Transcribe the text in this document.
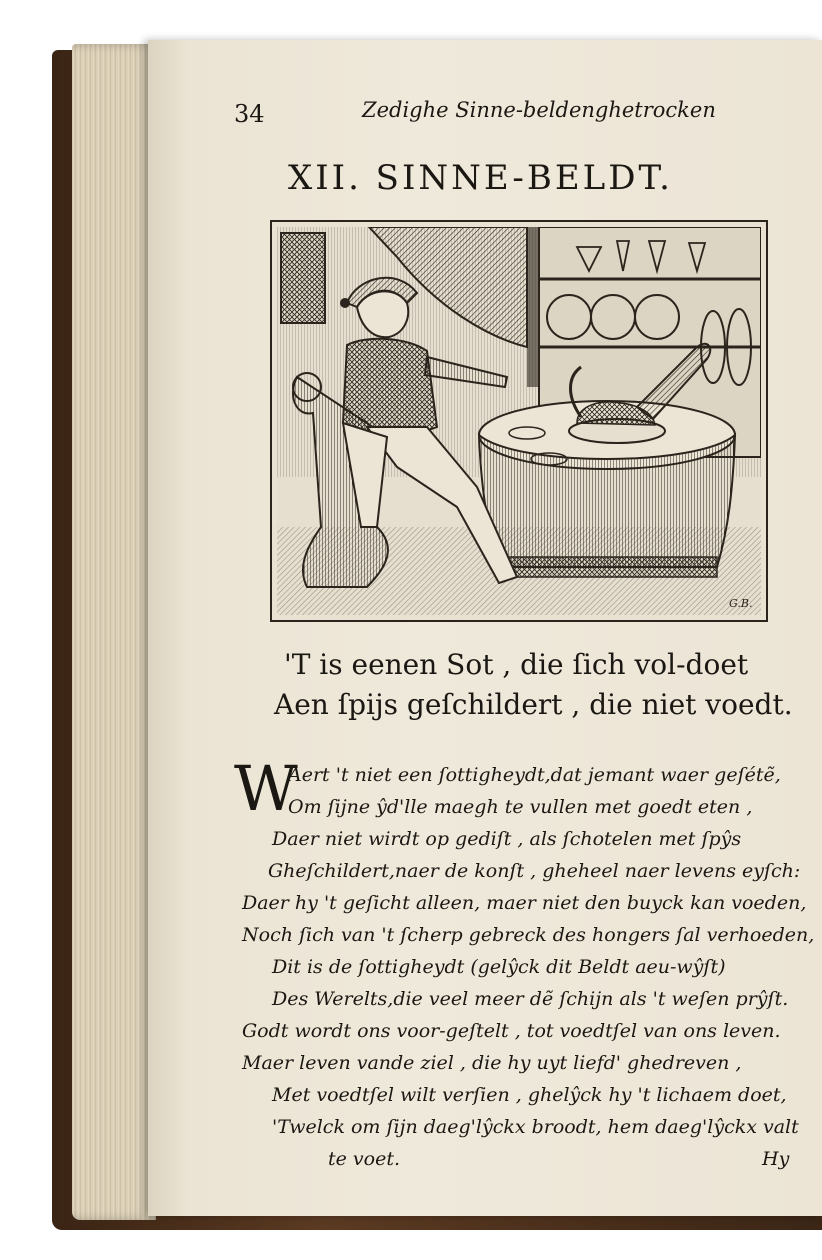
34	Zedighe Sinne-beldenghetrocken
XII. SINNE-BELDT.
G.B.
'T is eenen Sot , die ſich vol-doet
Aen ſpijs geſchildert , die niet voedt.
W
Aert 't niet een ſottigheydt,dat jemant waer geſétẽ,
Om ſijne ŷd'lle maegh te vullen met goedt eten ,
Daer niet wirdt op gediſt , als ſchotelen met ſpŷs
Gheſchildert,naer de konſt , gheheel naer levens eyſch:
Daer hy 't geſicht alleen, maer niet den buyck kan voeden,
Noch ſich van 't ſcherp gebreck des hongers ſal verhoeden,
Dit is de ſottigheydt (gelŷck dit Beldt aeu-wŷſt)
Des Werelts,die veel meer dẽ ſchijn als 't weſen prŷſt.
Godt wordt ons voor-geſtelt , tot voedtſel van ons leven.
Maer leven vande ziel , die hy uyt liefd' ghedreven ,
Met voedtſel wilt verſien , ghelŷck hy 't lichaem doet,
'Twelck om ſijn daeg'lŷckx broodt, hem daeg'lŷckx valt
te voet.	Hy
